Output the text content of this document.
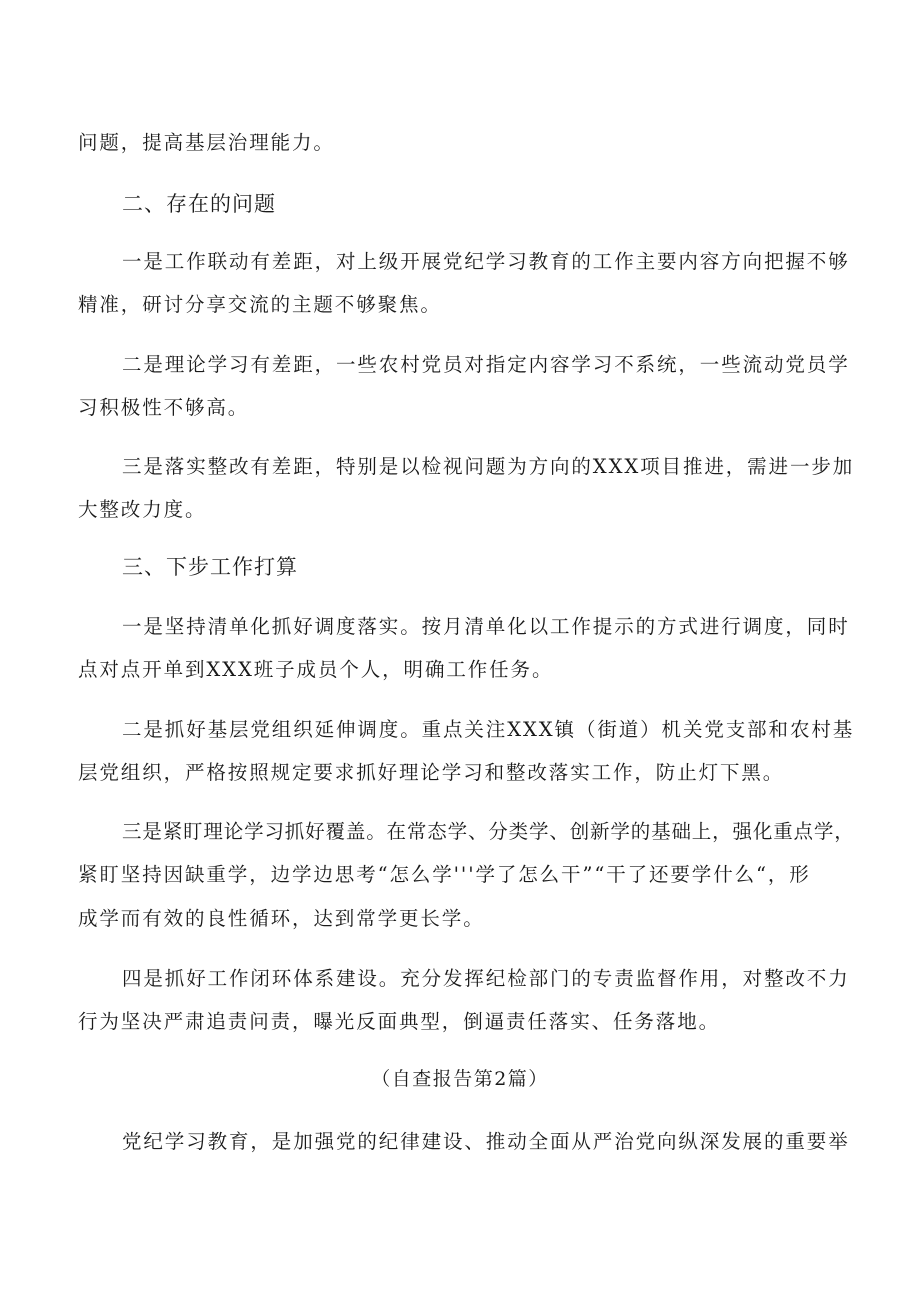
问题，提高基层治理能力。
二、存在的问题
一是工作联动有差距，对上级开展党纪学习教育的工作主要内容方向把握不够
精准，研讨分享交流的主题不够聚焦。
二是理论学习有差距，一些农村党员对指定内容学习不系统，一些流动党员学
习积极性不够高。
三是落实整改有差距，特别是以检视问题为方向的XXX项目推进，需进一步加
大整改力度。
三、下步工作打算
一是坚持清单化抓好调度落实。按月清单化以工作提示的方式进行调度，同时
点对点开单到XXX班子成员个人，明确工作任务。
二是抓好基层党组织延伸调度。重点关注XXX镇（街道）机关党支部和农村基
层党组织，严格按照规定要求抓好理论学习和整改落实工作，防止灯下黑。
三是紧盯理论学习抓好覆盖。在常态学、分类学、创新学的基础上，强化重点学，
紧盯坚持因缺重学，边学边思考“怎么学'''学了怎么干”“干了还要学什么“，形
成学而有效的良性循环，达到常学更长学。
四是抓好工作闭环体系建设。充分发挥纪检部门的专责监督作用，对整改不力
行为坚决严肃追责问责，曝光反面典型，倒逼责任落实、任务落地。
（自查报告第2篇）
党纪学习教育，是加强党的纪律建设、推动全面从严治党向纵深发展的重要举
